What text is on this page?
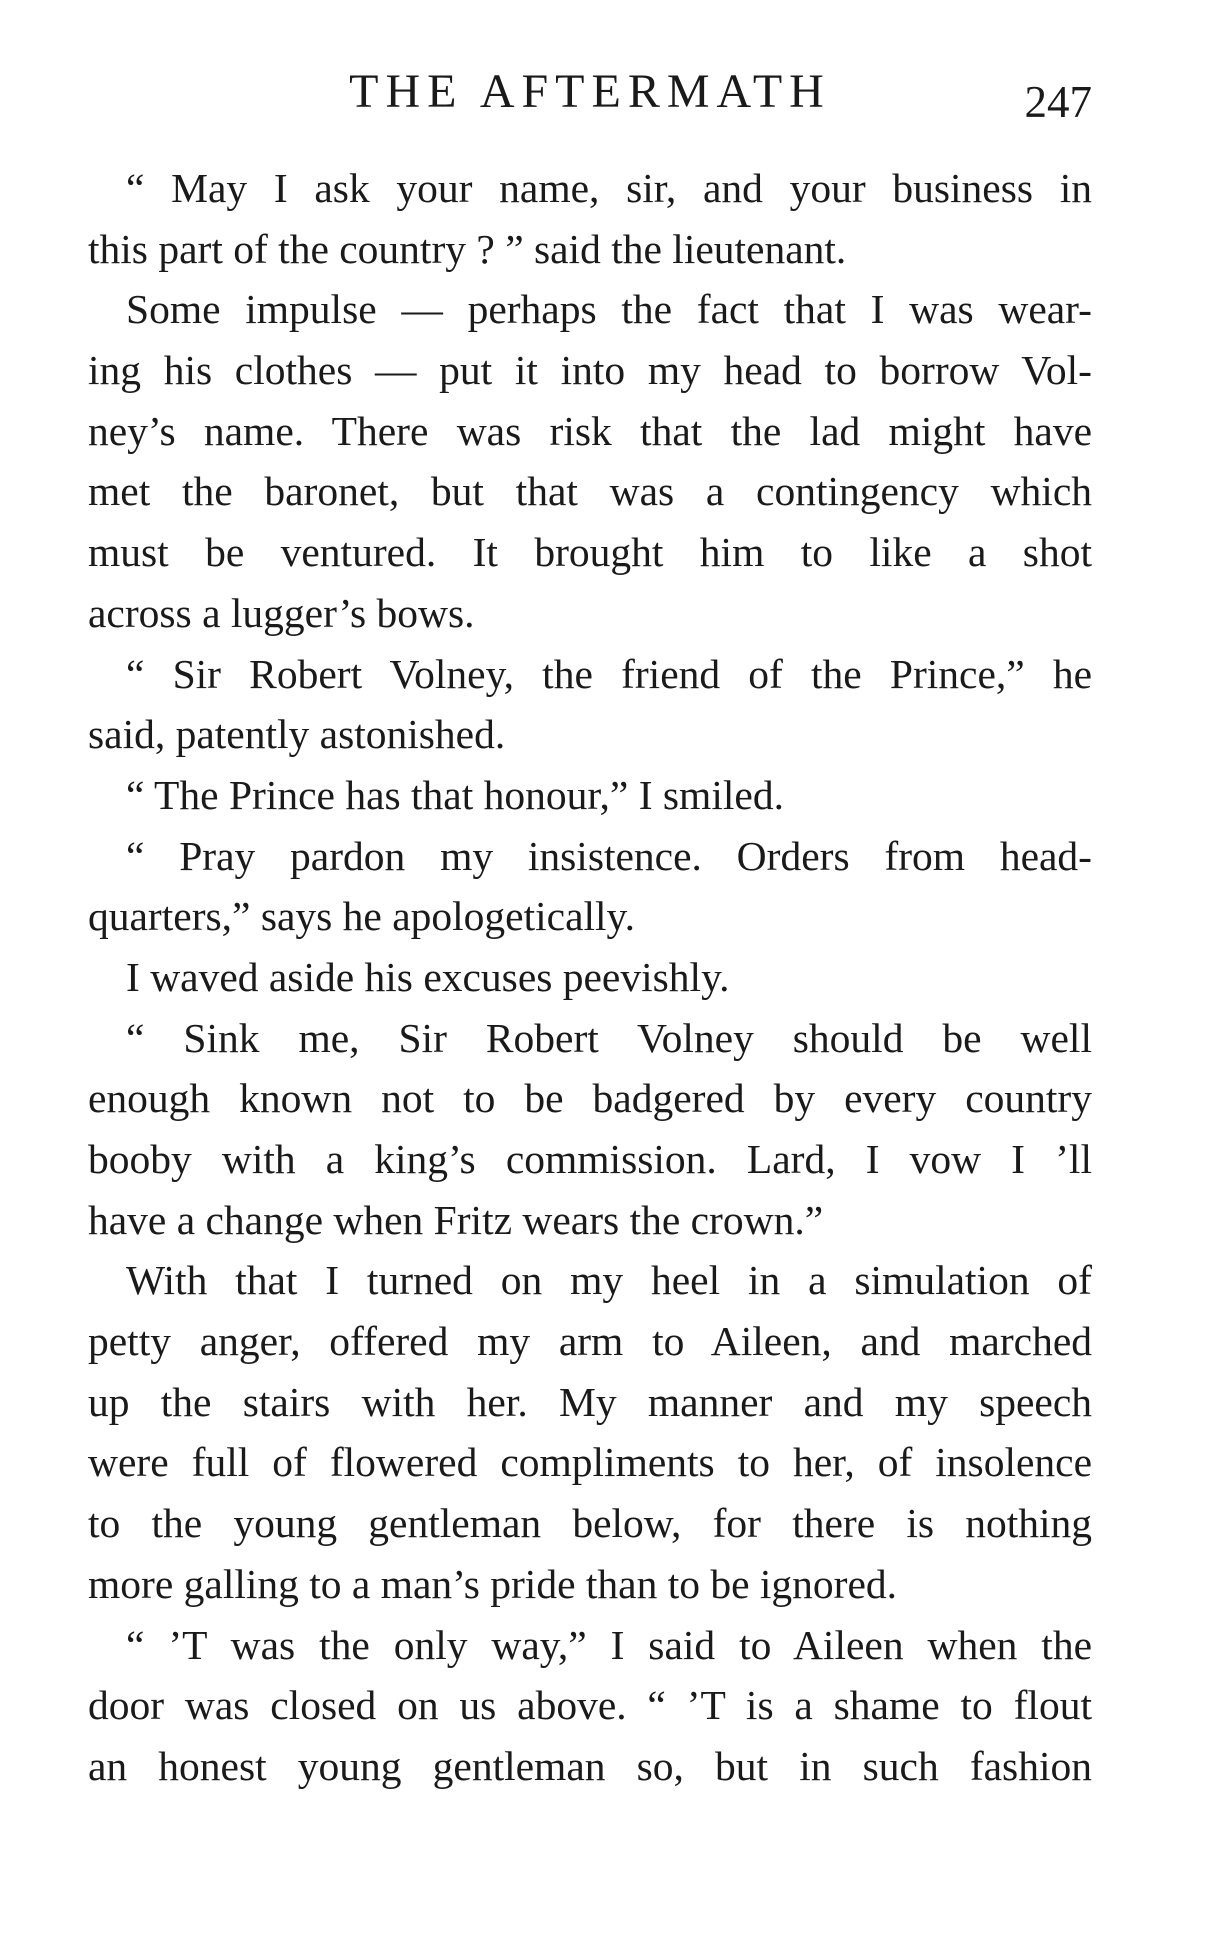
THE AFTERMATH	247
“ May I ask your name, sir, and your business in
this part of the country ? ” said the lieutenant.
Some impulse — perhaps the fact that I was wear-
ing his clothes — put it into my head to borrow Vol-
ney’s name. There was risk that the lad might have
met the baronet, but that was a contingency which
must be ventured. It brought him to like a shot
across a lugger’s bows.
“ Sir Robert Volney, the friend of the Prince,” he
said, patently astonished.
“ The Prince has that honour,” I smiled.
“ Pray pardon my insistence. Orders from head-
quarters,” says he apologetically.
I waved aside his excuses peevishly.
“ Sink me, Sir Robert Volney should be well
enough known not to be badgered by every country
booby with a king’s commission. Lard, I vow I ’ll
have a change when Fritz wears the crown.”
With that I turned on my heel in a simulation of
petty anger, offered my arm to Aileen, and marched
up the stairs with her. My manner and my speech
were full of flowered compliments to her, of insolence
to the young gentleman below, for there is nothing
more galling to a man’s pride than to be ignored.
“ ’T was the only way,” I said to Aileen when the
door was closed on us above. “ ’T is a shame to flout
an honest young gentleman so, but in such fashion
